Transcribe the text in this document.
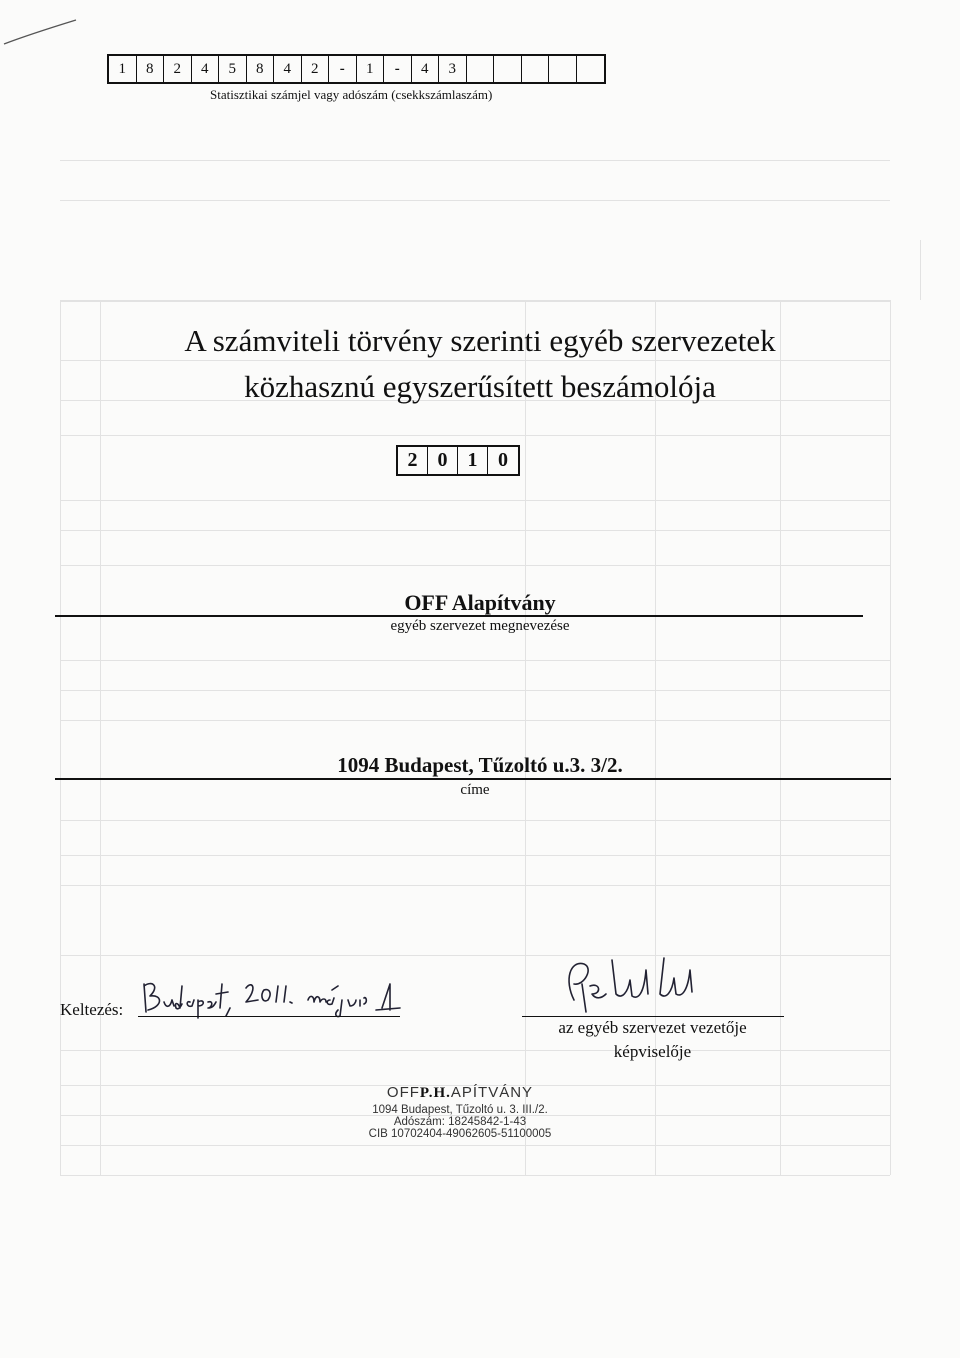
1	8	2	4	5	8	4	2	-	1	-	4	3
Statisztikai számjel vagy adószám (csekkszámlaszám)
A számviteli törvény szerinti egyéb szervezetek
közhasznú egyszerűsített beszámolója
2	0	1	0
OFF Alapítvány
egyéb szervezet megnevezése
1094 Budapest, Tűzoltó u.3. 3/2.
címe
Keltezés:
az egyéb szervezet vezetője
képviselője
OFFP.H.APÍTVÁNY
1094 Budapest, Tűzoltó u. 3. III./2.
Adószám: 18245842-1-43
CIB 10702404-49062605-51100005
